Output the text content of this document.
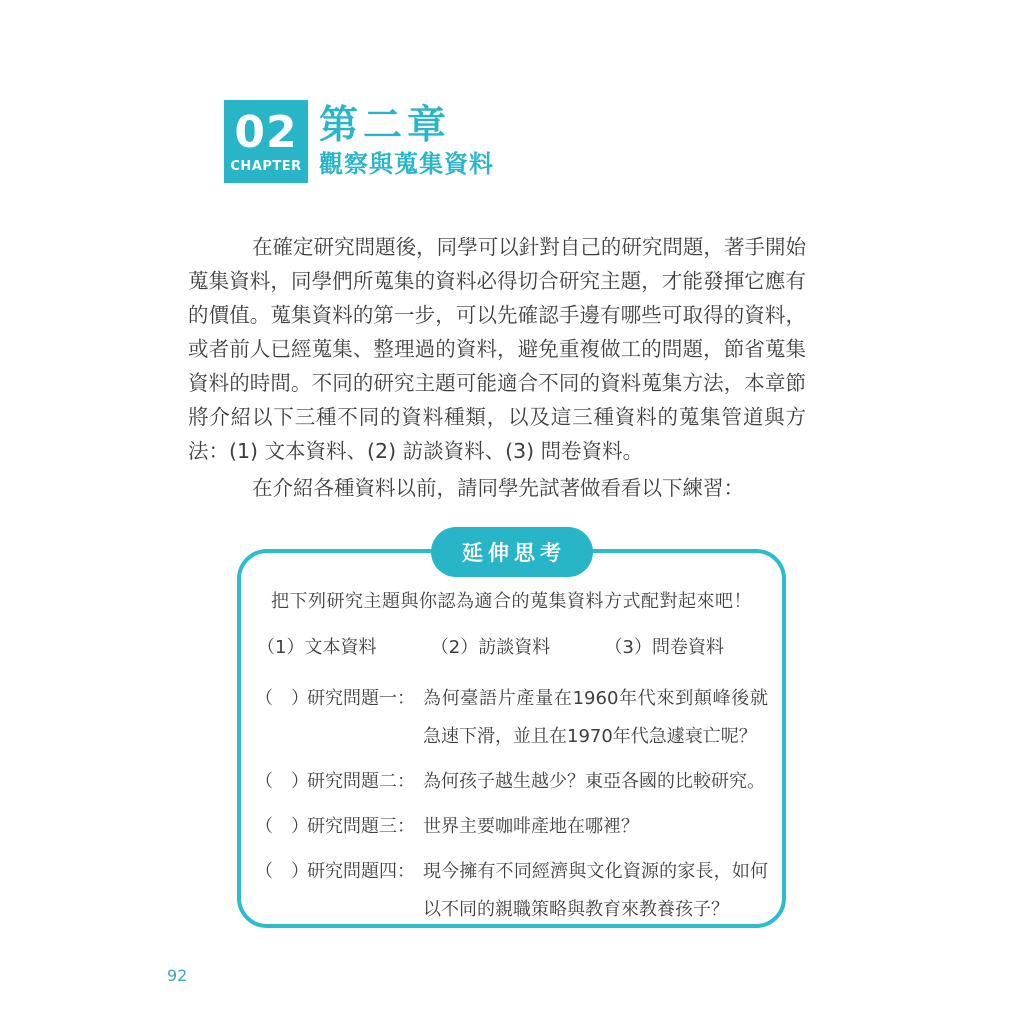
02
CHAPTER
第二章
觀察與蒐集資料

在確定研究問題後，同學可以針對自己的研究問題，著手開始蒐集資料，同學們所蒐集的資料必得切合研究主題，才能發揮它應有的價值。蒐集資料的第一步，可以先確認手邊有哪些可取得的資料，或者前人已經蒐集、整理過的資料，避免重複做工的問題，節省蒐集資料的時間。不同的研究主題可能適合不同的資料蒐集方法，本章節將介紹以下三種不同的資料種類，以及這三種資料的蒐集管道與方法：(1) 文本資料、(2) 訪談資料、(3) 問卷資料。

在介紹各種資料以前，請同學先試著做看看以下練習：

延伸思考
把下列研究主題與你認為適合的蒐集資料方式配對起來吧！
（1）文本資料	（2）訪談資料	（3）問卷資料
（　）
研究問題一： 為何臺語片產量在1960年代來到顛峰後就急速下滑，並且在1970年代急遽衰亡呢？
（　）
研究問題二： 為何孩子越生越少？東亞各國的比較研究。
（　）
研究問題三： 世界主要咖啡產地在哪裡？
（　）
研究問題四： 現今擁有不同經濟與文化資源的家長，如何以不同的親職策略與教育來教養孩子？
92
